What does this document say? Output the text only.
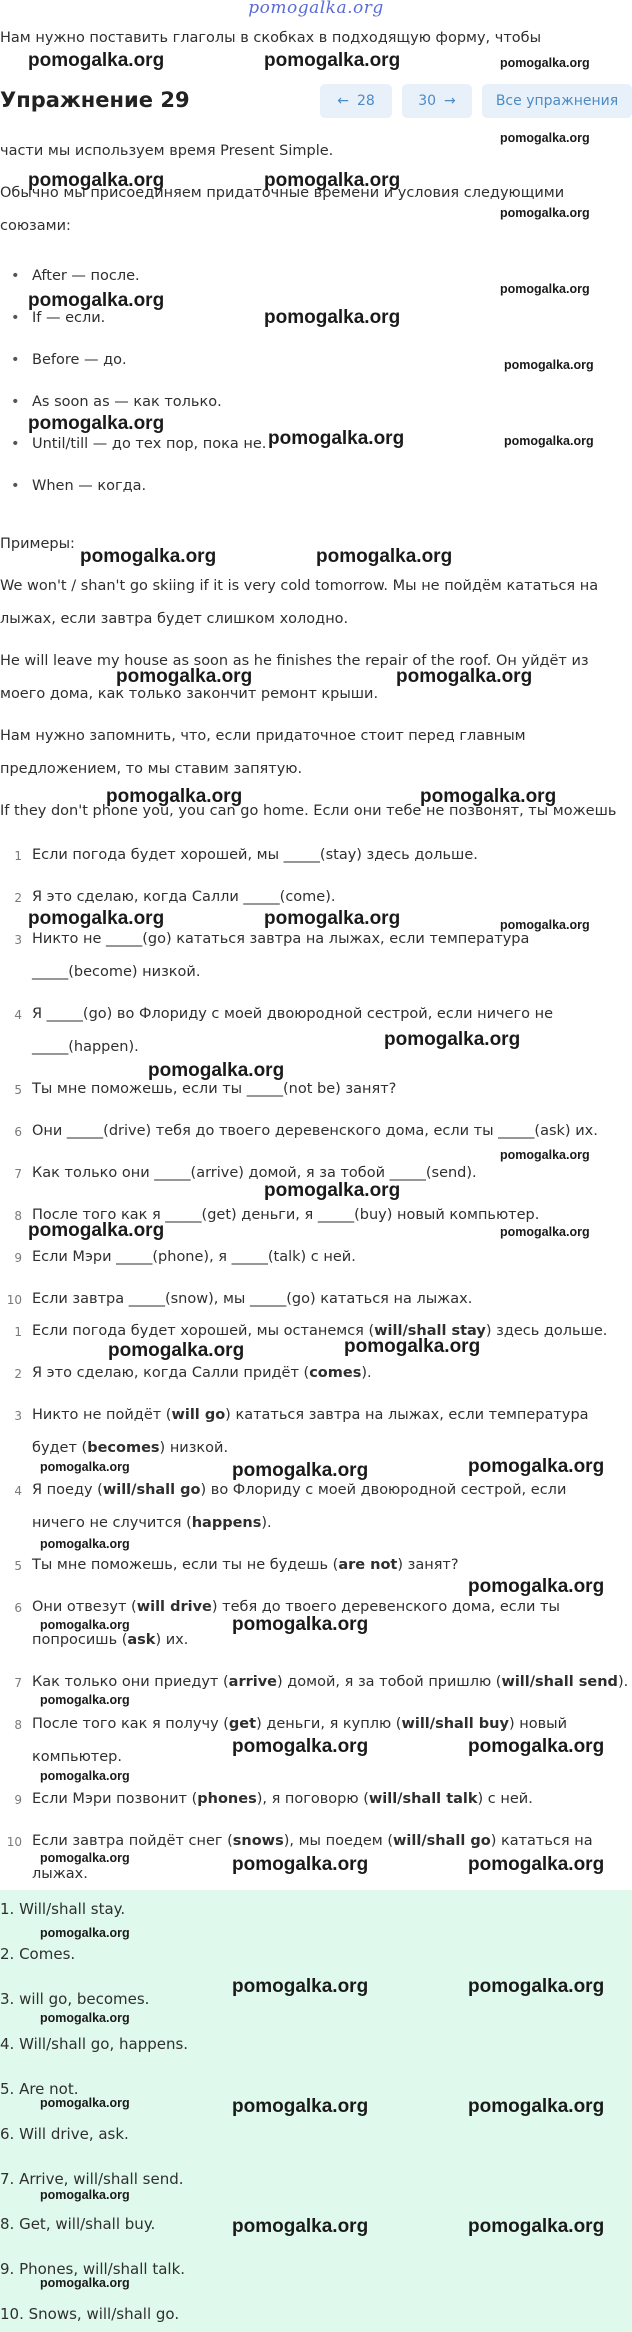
pomogalka.org
Нам нужно поставить глаголы в скобках в подходящую форму, чтобы
Упражнение 29	← 28	30 →	Все упражнения
части мы используем время Present Simple.
Обычно мы присоединяем придаточные времени и условия следующими
союзами:
• After — после.
• If — если.
• Before — до.
• As soon as — как только.
• Until/till — до тех пор, пока не.
• When — когда.
Примеры:
We won't / shan't go skiing if it is very cold tomorrow. Мы не пойдём кататься на
лыжах, если завтра будет слишком холодно.
He will leave my house as soon as he finishes the repair of the roof. Он уйдёт из
моего дома, как только закончит ремонт крыши.
Нам нужно запомнить, что, если придаточное стоит перед главным
предложением, то мы ставим запятую.
If they don't phone you, you can go home. Если они тебе не позвонят, ты можешь
1 Если погода будет хорошей, мы _____(stay) здесь дольше.
2 Я это сделаю, когда Салли _____(come).
3 Никто не _____(go) кататься завтра на лыжах, если температура
_____(become) низкой.
4 Я _____(go) во Флориду с моей двоюродной сестрой, если ничего не
_____(happen).
5 Ты мне поможешь, если ты _____(not be) занят?
6 Они _____(drive) тебя до твоего деревенского дома, если ты _____(ask) их.
7 Как только они _____(arrive) домой, я за тобой _____(send).
8 После того как я _____(get) деньги, я _____(buy) новый компьютер.
9 Если Мэри _____(phone), я _____(talk) с ней.
10 Если завтра _____(snow), мы _____(go) кататься на лыжах.
1 Если погода будет хорошей, мы останемся (will/shall stay) здесь дольше.
2 Я это сделаю, когда Салли придёт (comes).
3 Никто не пойдёт (will go) кататься завтра на лыжах, если температура
будет (becomes) низкой.
4 Я поеду (will/shall go) во Флориду с моей двоюродной сестрой, если
ничего не случится (happens).
5 Ты мне поможешь, если ты не будешь (are not) занят?
6 Они отвезут (will drive) тебя до твоего деревенского дома, если ты
попросишь (ask) их.
7 Как только они приедут (arrive) домой, я за тобой пришлю (will/shall send).
8 После того как я получу (get) деньги, я куплю (will/shall buy) новый
компьютер.
9 Если Мэри позвонит (phones), я поговорю (will/shall talk) с ней.
10 Если завтра пойдёт снег (snows), мы поедем (will/shall go) кататься на
лыжах.
1. Will/shall stay.
2. Comes.
3. will go, becomes.
4. Will/shall go, happens.
5. Are not.
6. Will drive, ask.
7. Arrive, will/shall send.
8. Get, will/shall buy.
9. Phones, will/shall talk.
10. Snows, will/shall go.
pomogalka.org	pomogalka.org	pomogalka.org
pomogalka.org
pomogalka.org	pomogalka.org
pomogalka.org
pomogalka.org
pomogalka.org
pomogalka.org
pomogalka.org
pomogalka.org
pomogalka.org	pomogalka.org
pomogalka.org	pomogalka.org
pomogalka.org	pomogalka.org
pomogalka.org	pomogalka.org
pomogalka.org	pomogalka.org	pomogalka.org
pomogalka.org
pomogalka.org
pomogalka.org
pomogalka.org
pomogalka.org	pomogalka.org
pomogalka.org	pomogalka.org
pomogalka.org	pomogalka.org	pomogalka.org
pomogalka.org
pomogalka.org
pomogalka.org	pomogalka.org
pomogalka.org
pomogalka.org	pomogalka.org
pomogalka.org
pomogalka.org	pomogalka.org	pomogalka.org
pomogalka.org
pomogalka.org	pomogalka.org
pomogalka.org
pomogalka.org	pomogalka.org	pomogalka.org
pomogalka.org
pomogalka.org	pomogalka.org
pomogalka.org
